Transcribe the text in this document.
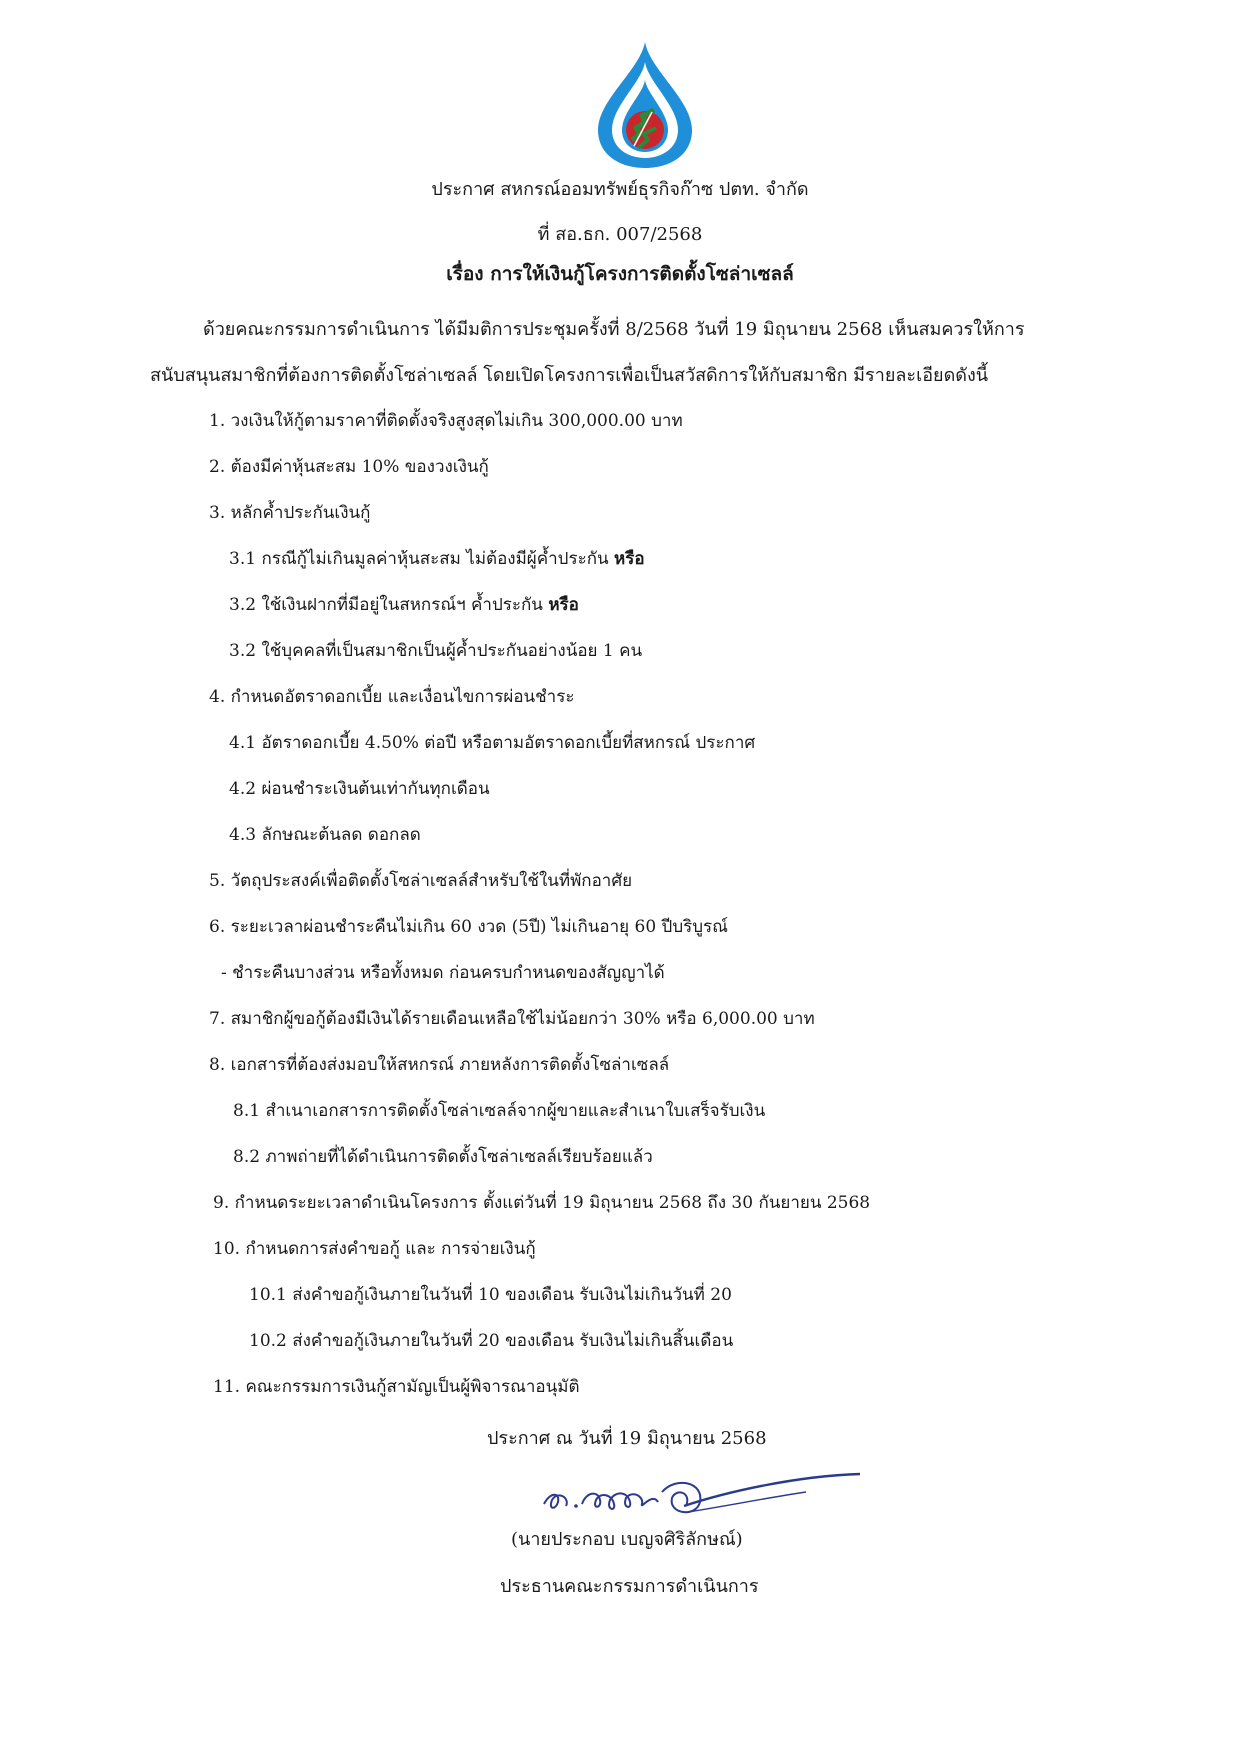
ประกาศ สหกรณ์ออมทรัพย์ธุรกิจก๊าซ ปตท. จำกัด
ที่ สอ.ธก. 007/2568
เรื่อง การให้เงินกู้โครงการติดตั้งโซล่าเซลล์
ด้วยคณะกรรมการดำเนินการ ได้มีมติการประชุมครั้งที่ 8/2568 วันที่ 19 มิถุนายน 2568 เห็นสมควรให้การ
สนับสนุนสมาชิกที่ต้องการติดตั้งโซล่าเซลล์ โดยเปิดโครงการเพื่อเป็นสวัสดิการให้กับสมาชิก มีรายละเอียดดังนี้
1. วงเงินให้กู้ตามราคาที่ติดตั้งจริงสูงสุดไม่เกิน 300,000.00 บาท
2. ต้องมีค่าหุ้นสะสม 10% ของวงเงินกู้
3. หลักค้ำประกันเงินกู้
3.1 กรณีกู้ไม่เกินมูลค่าหุ้นสะสม ไม่ต้องมีผู้ค้ำประกัน หรือ
3.2 ใช้เงินฝากที่มีอยู่ในสหกรณ์ฯ ค้ำประกัน หรือ
3.2 ใช้บุคคลที่เป็นสมาชิกเป็นผู้ค้ำประกันอย่างน้อย 1 คน
4. กำหนดอัตราดอกเบี้ย และเงื่อนไขการผ่อนชำระ
4.1 อัตราดอกเบี้ย 4.50% ต่อปี หรือตามอัตราดอกเบี้ยที่สหกรณ์ ประกาศ
4.2 ผ่อนชำระเงินต้นเท่ากันทุกเดือน
4.3 ลักษณะต้นลด ดอกลด
5. วัตถุประสงค์เพื่อติดตั้งโซล่าเซลล์สำหรับใช้ในที่พักอาศัย
6. ระยะเวลาผ่อนชำระคืนไม่เกิน 60 งวด (5ปี) ไม่เกินอายุ 60 ปีบริบูรณ์
- ชำระคืนบางส่วน หรือทั้งหมด ก่อนครบกำหนดของสัญญาได้
7. สมาชิกผู้ขอกู้ต้องมีเงินได้รายเดือนเหลือใช้ไม่น้อยกว่า 30% หรือ 6,000.00 บาท
8. เอกสารที่ต้องส่งมอบให้สหกรณ์ ภายหลังการติดตั้งโซล่าเซลล์
8.1 สำเนาเอกสารการติดตั้งโซล่าเซลล์จากผู้ขายและสำเนาใบเสร็จรับเงิน
8.2 ภาพถ่ายที่ได้ดำเนินการติดตั้งโซล่าเซลล์เรียบร้อยแล้ว
9. กำหนดระยะเวลาดำเนินโครงการ ตั้งแต่วันที่ 19 มิถุนายน 2568 ถึง 30 กันยายน 2568
10. กำหนดการส่งคำขอกู้ และ การจ่ายเงินกู้
10.1 ส่งคำขอกู้เงินภายในวันที่ 10 ของเดือน รับเงินไม่เกินวันที่ 20
10.2 ส่งคำขอกู้เงินภายในวันที่ 20 ของเดือน รับเงินไม่เกินสิ้นเดือน
11. คณะกรรมการเงินกู้สามัญเป็นผู้พิจารณาอนุมัติ
ประกาศ ณ วันที่ 19 มิถุนายน 2568
(นายประกอบ เบญจศิริลักษณ์)
ประธานคณะกรรมการดำเนินการ
